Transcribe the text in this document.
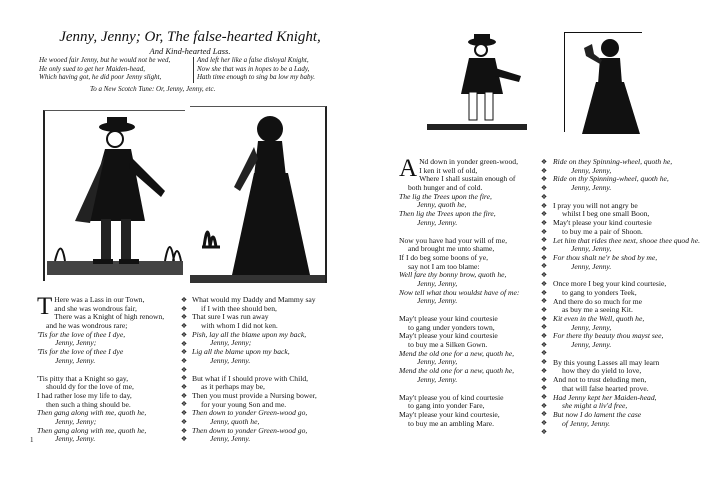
Jenny, Jenny; Or, The false-hearted Knight,
And Kind-hearted Lass.
He wooed fair Jenny, but he would not be wed,
He only sued to get her Maiden-head,
Which having got, he did poor Jenny slight,
And left her like a false disloyal Knight,
Now she that was in hopes to be a Lady,
Hath time enough to sing ba low my baby.
To a New Scotch Tune: Or, Jenny, Jenny, etc.
T Here was a Lass in our Town,
and she was wondrous fair,
There was a Knight of high renown,
and he was wondrous rare;
'Tis for the love of thee I dye,
Jenny, Jenny;
'Tis for the love of thee I dye
Jenny, Jenny.
'Tis pitty that a Knight so gay,
should dy for the love of me,
I had rather lose my life to day,
then such a thing should be.
Then gang along with me, quoth he,
Jenny, Jenny;
Then gang along with me, quoth he,
Jenny, Jenny.
1
❖
❖
❖
❖
❖
❖
❖
❖
❖
❖
❖
❖
❖
❖
❖
❖
❖
What would my Daddy and Mammy say
if I with thee should ben,
That sure I was run away
with whom I did not ken.
Pish, lay all the blame upon my back,
Jenny, Jenny;
Lig all the blame upon my back,
Jenny, Jenny.
But what if I should prove with Child,
as it perhaps may be,
Then you must provide a Nursing bower,
for your young Son and me.
Then down to yonder Green-wood go,
Jenny, quoth he,
Then down to yonder Green-wood go,
Jenny, Jenny.
A Nd down in yonder green-wood,
I ken it well of old,
Where I shall sustain enough of
both hunger and of cold.
The lig the Trees upon the fire,
Jenny, quoth he,
Then lig the Trees upon the fire,
Jenny, Jenny.
Now you have had your will of me,
and brought me unto shame,
If I do beg some boons of ye,
say not I am too blame:
Well fare thy bonny brow, quoth he,
Jenny, Jenny,
Now tell what thou wouldst have of me:
Jenny, Jenny.
May't please your kind courtesie
to gang under yonders town,
May't please your kind courtesie
to buy me a Silken Gown.
Mend the old one for a new, quoth he,
Jenny, Jenny,
Mend the old one for a new, quoth he,
Jenny, Jenny.
May't please you of kind courtesie
to gang into yonder Fare,
May't please your kind courtesie,
to buy me an ambling Mare.
❖
❖
❖
❖
❖
❖
❖
❖
❖
❖
❖
❖
❖
❖
❖
❖
❖
❖
❖
❖
❖
❖
❖
❖
❖
❖
❖
❖
❖
❖
❖
❖
Ride on they Spinning-wheel, quoth he,
Jenny, Jenny,
Ride on thy Spinning-wheel, quoth he,
Jenny, Jenny.
I pray you will not angry be
whilst I beg one small Boon,
May't please your kind courtesie
to buy me a pair of Shoon.
Let him that rides thee next, shooe thee quod he.
Jenny, Jenny,
For thou shalt ne'r be shod by me,
Jenny, Jenny.
Once more I beg your kind courtesie,
to gang to yonders Teek,
And there do so much for me
as buy me a seeing Kit.
Kit even in the Well, quoth he,
Jenny, Jenny,
For there thy beauty thou mayst see,
Jenny, Jenny.
By this young Lasses all may learn
how they do yield to love,
And not to trust deluding men,
that will false hearted prove.
Had Jenny kept her Maiden-head,
she might a liv'd free,
But now I do lament the case
of Jenny, Jenny.
